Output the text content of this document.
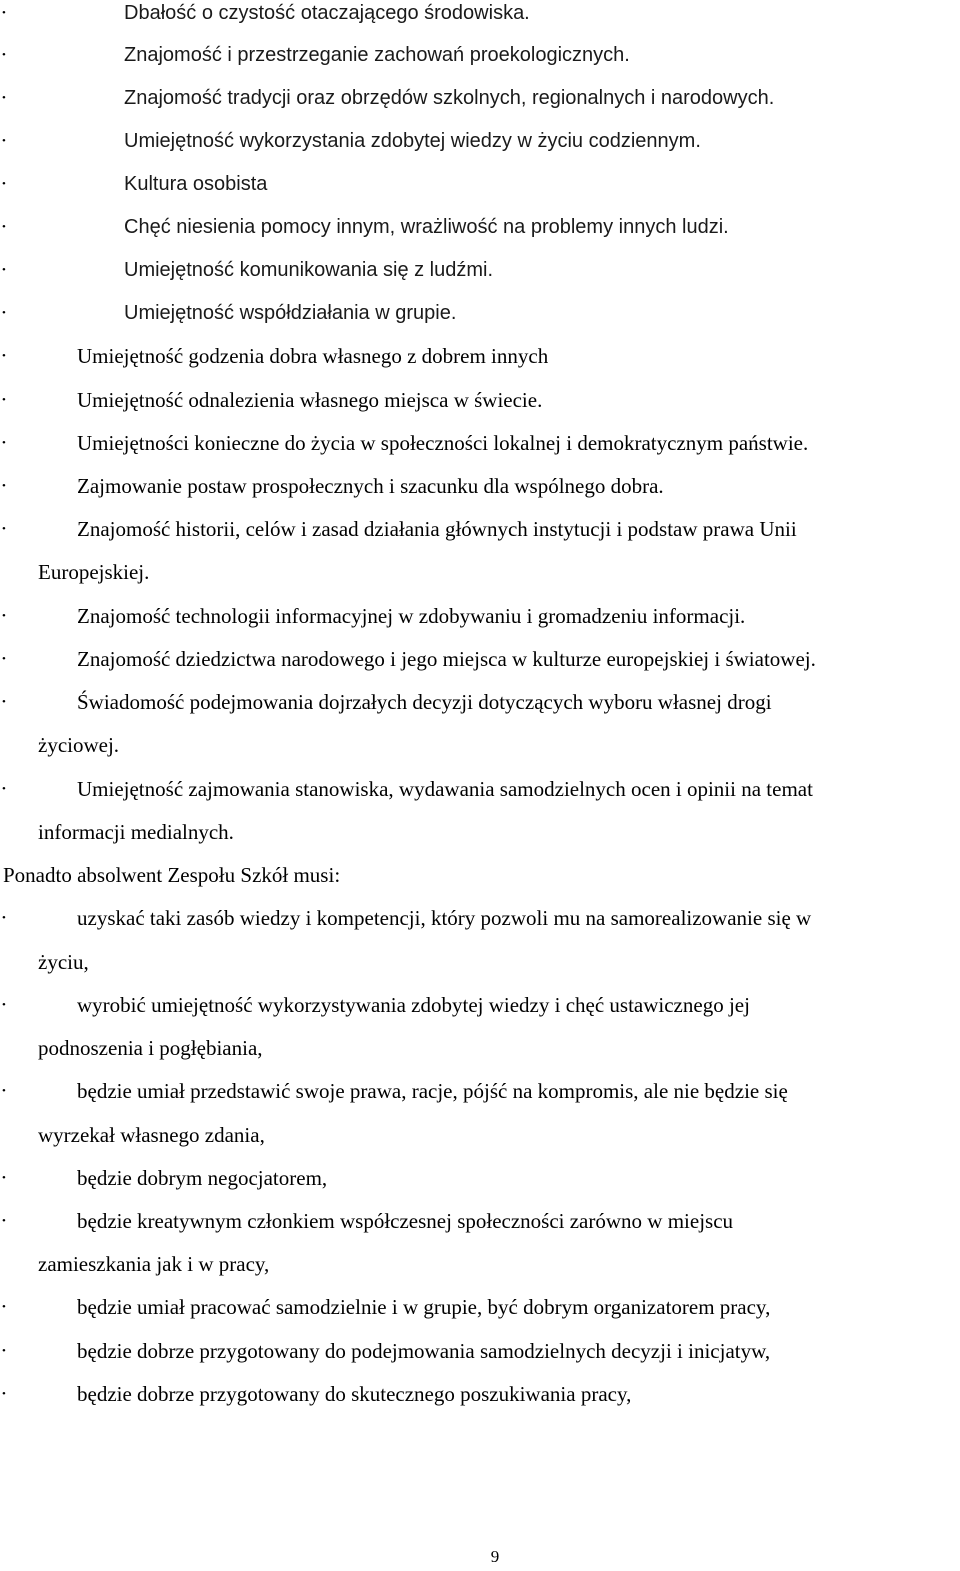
•	Dbałość o czystość otaczającego środowiska.
•	Znajomość i przestrzeganie zachowań proekologicznych.
•	Znajomość tradycji oraz obrzędów szkolnych, regionalnych i narodowych.
•	Umiejętność wykorzystania zdobytej wiedzy w życiu codziennym.
•	Kultura osobista
•	Chęć niesienia pomocy innym, wrażliwość na problemy innych ludzi.
•	Umiejętność komunikowania się z ludźmi.
•	Umiejętność współdziałania w grupie.
•	Umiejętność godzenia dobra własnego z dobrem innych
•	Umiejętność odnalezienia własnego miejsca w świecie.
•	Umiejętności konieczne do życia w społeczności lokalnej i demokratycznym państwie.
•	Zajmowanie postaw prospołecznych i szacunku dla wspólnego dobra.
•	Znajomość historii, celów i zasad działania głównych instytucji i podstaw prawa Unii
Europejskiej.
•	Znajomość technologii informacyjnej w zdobywaniu i gromadzeniu informacji.
•	Znajomość dziedzictwa narodowego i jego miejsca w kulturze europejskiej i światowej.
•	Świadomość podejmowania dojrzałych decyzji dotyczących wyboru własnej drogi
życiowej.
•	Umiejętność zajmowania stanowiska, wydawania samodzielnych ocen i opinii na temat
informacji medialnych.
Ponadto absolwent Zespołu Szkół musi:
•	uzyskać taki zasób wiedzy i kompetencji, który pozwoli mu na samorealizowanie się w
życiu,
•	wyrobić umiejętność wykorzystywania zdobytej wiedzy i chęć ustawicznego jej
podnoszenia i pogłębiania,
•	będzie umiał przedstawić swoje prawa, racje, pójść na kompromis, ale nie będzie się
wyrzekał własnego zdania,
•	będzie dobrym negocjatorem,
•	będzie kreatywnym członkiem współczesnej społeczności zarówno w miejscu
zamieszkania jak i w pracy,
•	będzie umiał pracować samodzielnie i w grupie, być dobrym organizatorem pracy,
•	będzie dobrze przygotowany do podejmowania samodzielnych decyzji i inicjatyw,
•	będzie dobrze przygotowany do skutecznego poszukiwania pracy,
9
